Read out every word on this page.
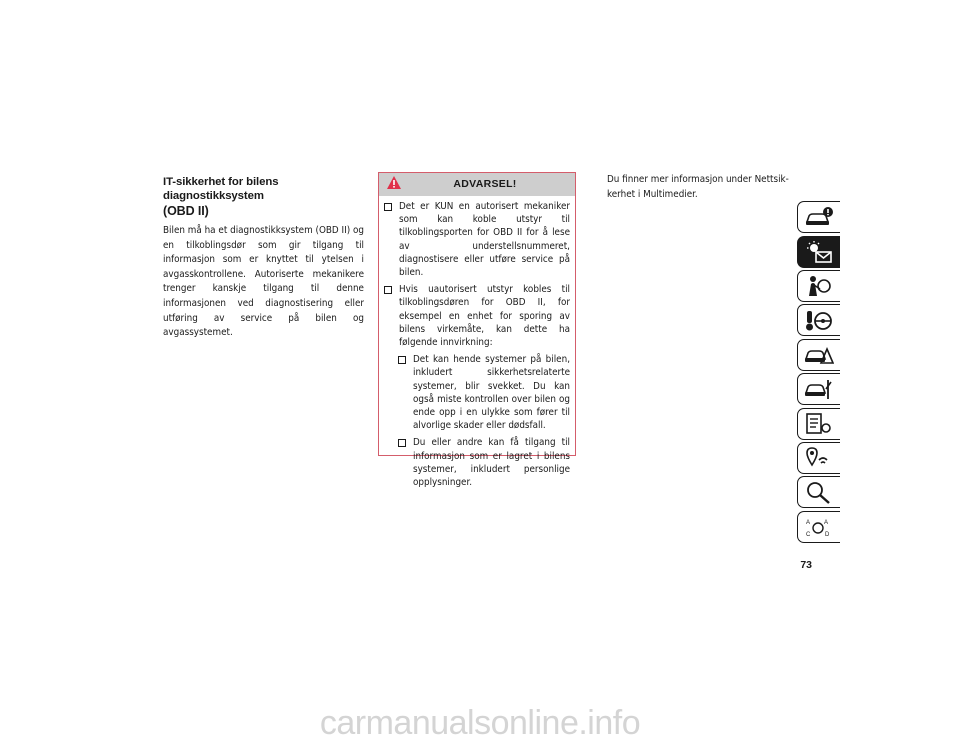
IT-sikkerhet for bilens diagnostikksystem
(OBD II)

Bilen må ha et diagnostikksystem (OBD II) og en tilkoblingsdør som gir tilgang til informasjon som er knyttet til ytelsen i avgasskontrollene. Autoriserte mekanikere trenger kanskje tilgang til denne informasjonen ved diagnostisering eller utføring av service på bilen og avgassystemet.

ADVARSEL!
Det er KUN en autorisert mekaniker som kan koble utstyr til tilkoblingsporten for OBD II for å lese av understellsnummeret, diagnostisere eller utføre service på bilen.
Hvis uautorisert utstyr kobles til tilkoblingsdøren for OBD II, for eksempel en enhet for sporing av bilens virkemåte, kan dette ha følgende innvirkning:
Det kan hende systemer på bilen, inkludert sikkerhetsrelaterte systemer, blir svekket. Du kan også miste kontrollen over bilen og ende opp i en ulykke som fører til alvorlige skader eller dødsfall.
Du eller andre kan få tilgang til informasjon som er lagret i bilens systemer, inkludert personlige opplysninger.

Du finner mer informasjon under Nettsikkerhet i Multimedier.

A A
C D
73
carmanualsonline.info
